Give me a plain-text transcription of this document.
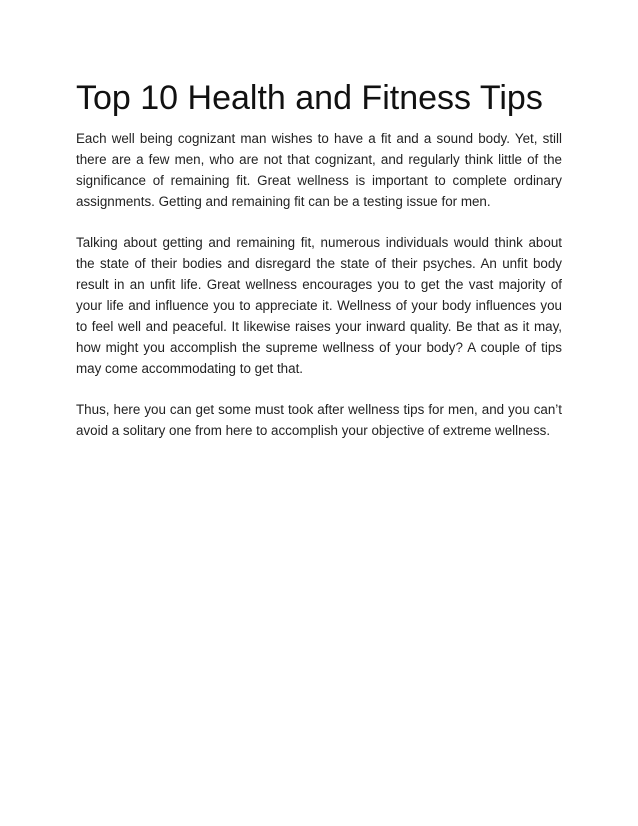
Top 10 Health and Fitness Tips

Each well being cognizant man wishes to have a fit and a sound body. Yet, still there are a few men, who are not that cognizant, and regularly think little of the significance of remaining fit. Great wellness is important to complete ordinary assignments. Getting and remaining fit can be a testing issue for men.

Talking about getting and remaining fit, numerous individuals would think about the state of their bodies and disregard the state of their psyches. An unfit body result in an unfit life. Great wellness encourages you to get the vast majority of your life and influence you to appreciate it. Wellness of your body influences you to feel well and peaceful. It likewise raises your inward quality. Be that as it may, how might you accomplish the supreme wellness of your body? A couple of tips may come accommodating to get that.

Thus, here you can get some must took after wellness tips for men, and you can’t avoid a solitary one from here to accomplish your objective of extreme wellness.
